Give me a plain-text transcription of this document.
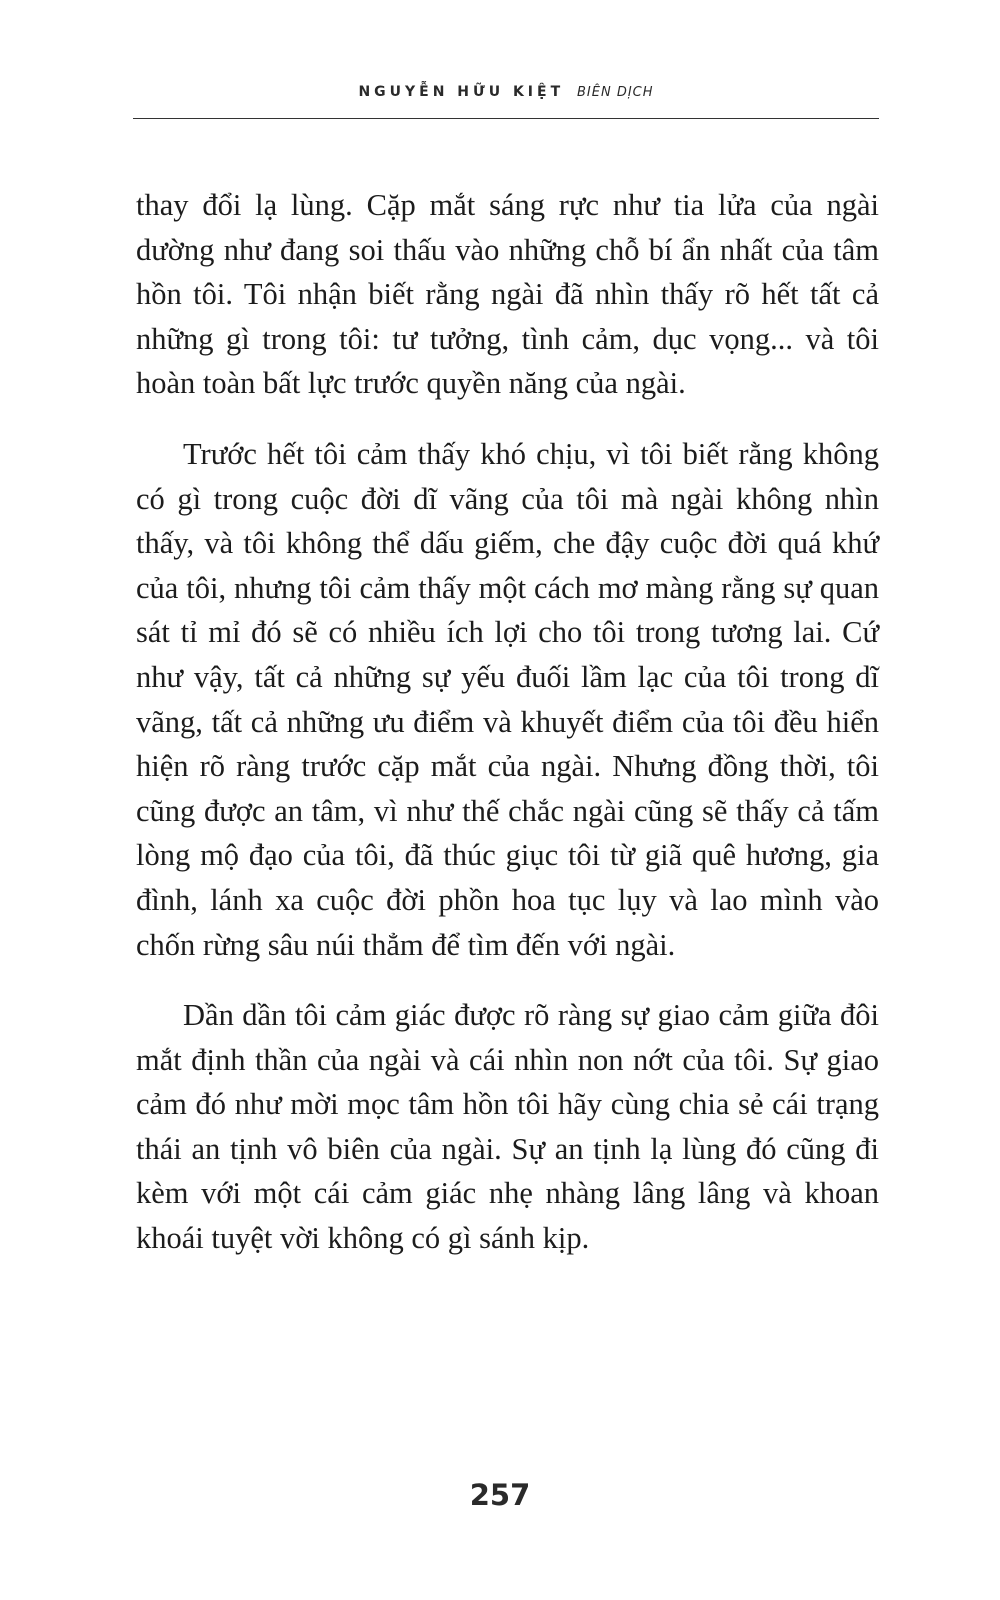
NGUYỄN HỮU KIỆT BIÊN DỊCH

thay đổi lạ lùng. Cặp mắt sáng rực như tia lửa của ngài dường như đang soi thấu vào những chỗ bí ẩn nhất của tâm hồn tôi. Tôi nhận biết rằng ngài đã nhìn thấy rõ hết tất cả những gì trong tôi: tư tưởng, tình cảm, dục vọng... và tôi hoàn toàn bất lực trước quyền năng của ngài.

Trước hết tôi cảm thấy khó chịu, vì tôi biết rằng không có gì trong cuộc đời dĩ vãng của tôi mà ngài không nhìn thấy, và tôi không thể dấu giếm, che đậy cuộc đời quá khứ của tôi, nhưng tôi cảm thấy một cách mơ màng rằng sự quan sát tỉ mỉ đó sẽ có nhiều ích lợi cho tôi trong tương lai. Cứ như vậy, tất cả những sự yếu đuối lầm lạc của tôi trong dĩ vãng, tất cả những ưu điểm và khuyết điểm của tôi đều hiển hiện rõ ràng trước cặp mắt của ngài. Nhưng đồng thời, tôi cũng được an tâm, vì như thế chắc ngài cũng sẽ thấy cả tấm lòng mộ đạo của tôi, đã thúc giục tôi từ giã quê hương, gia đình, lánh xa cuộc đời phồn hoa tục lụy và lao mình vào chốn rừng sâu núi thẳm để tìm đến với ngài.

Dần dần tôi cảm giác được rõ ràng sự giao cảm giữa đôi mắt định thần của ngài và cái nhìn non nớt của tôi. Sự giao cảm đó như mời mọc tâm hồn tôi hãy cùng chia sẻ cái trạng thái an tịnh vô biên của ngài. Sự an tịnh lạ lùng đó cũng đi kèm với một cái cảm giác nhẹ nhàng lâng lâng và khoan khoái tuyệt vời không có gì sánh kịp.

257
